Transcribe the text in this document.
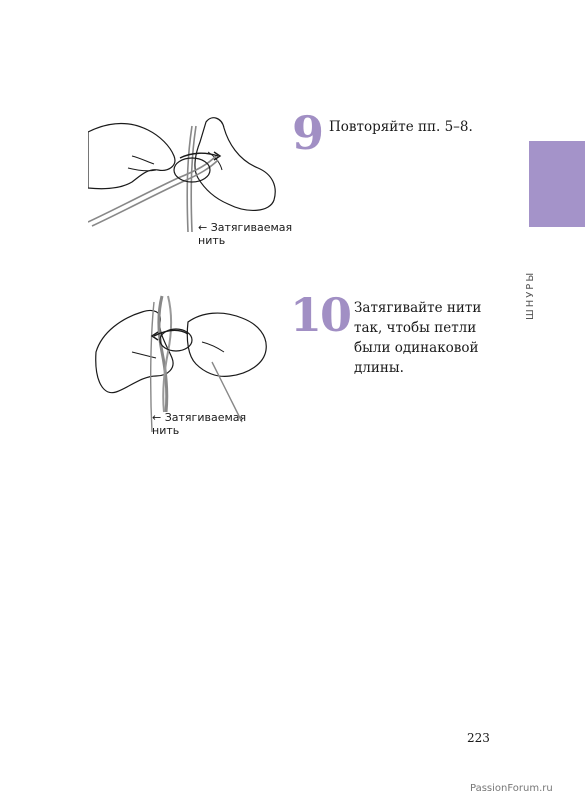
← Затягиваемая
нить
9 Повторяйте пп. 5–8.
← Затягиваемая
нить
10 Затягивайте нити
так, чтобы петли
были одинаковой
длины.
ШНУРЫ
223
PassionForum.ru
